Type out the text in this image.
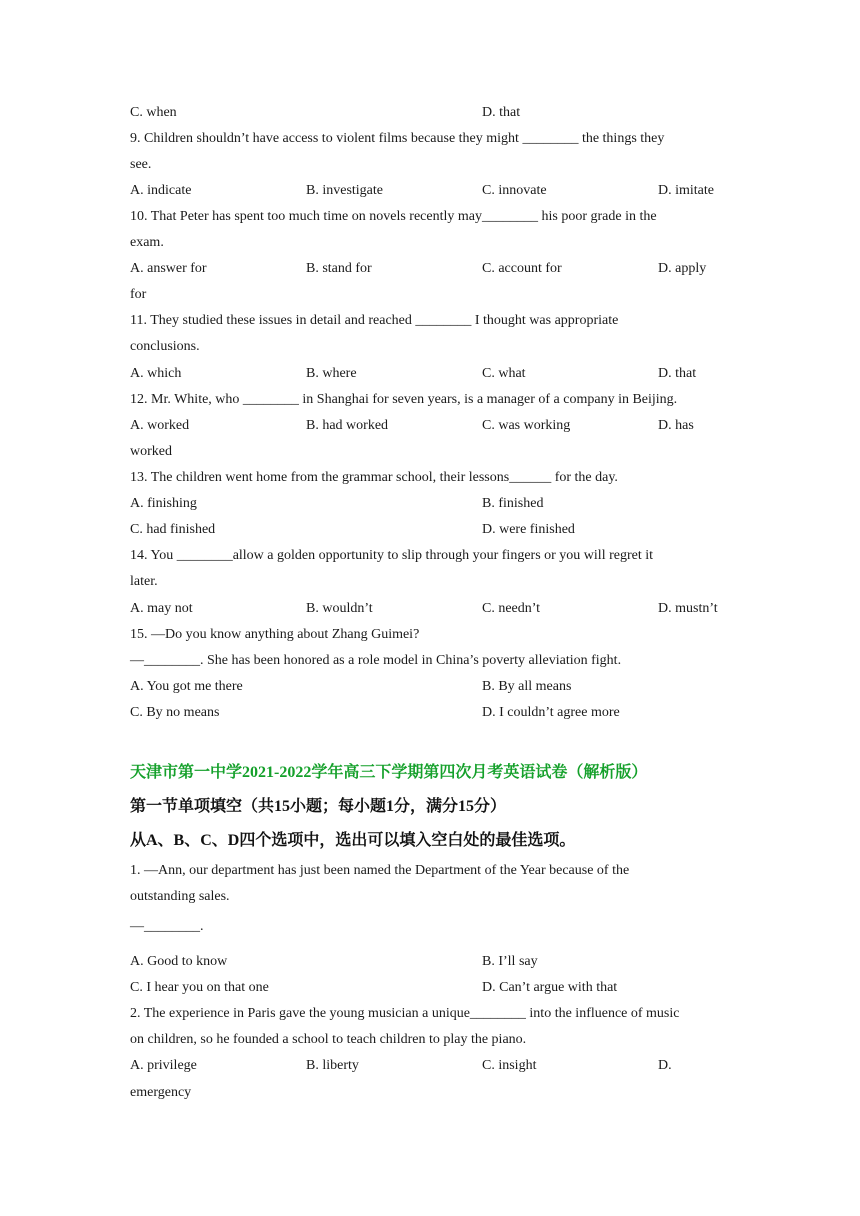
C. when	D. that
9. Children shouldn’t have access to violent films because they might ________ the things they
see.
A. indicate	B. investigate	C. innovate	D. imitate
10. That Peter has spent too much time on novels recently may________ his poor grade in the
exam.
A. answer for	B. stand for	C. account for	D. apply
for
11. They studied these issues in detail and reached ________ I thought was appropriate
conclusions.
A. which	B. where	C. what	D. that
12. Mr. White, who ________ in Shanghai for seven years, is a manager of a company in Beijing.
A. worked	B. had worked	C. was working	D. has
worked
13. The children went home from the grammar school, their lessons______ for the day.
A. finishing	B. finished
C. had finished	D. were finished
14. You ________allow a golden opportunity to slip through your fingers or you will regret it
later.
A. may not	B. wouldn’t	C. needn’t	D. mustn’t
15. —Do you know anything about Zhang Guimei?
—________. She has been honored as a role model in China’s poverty alleviation fight.
A. You got me there	B. By all means
C. By no means	D. I couldn’t agree more
天津市第一中学2021-2022学年高三下学期第四次月考英语试卷（解析版）
第一节单项填空（共15小题；每小题1分，满分15分）
从A、B、C、D四个选项中，选出可以填入空白处的最佳选项。
1. —Ann, our department has just been named the Department of the Year because of the
outstanding sales.
—________.
A. Good to know	B. I’ll say
C. I hear you on that one	D. Can’t argue with that
2. The experience in Paris gave the young musician a unique________ into the influence of music
on children, so he founded a school to teach children to play the piano.
A. privilege	B. liberty	C. insight	D.
emergency
